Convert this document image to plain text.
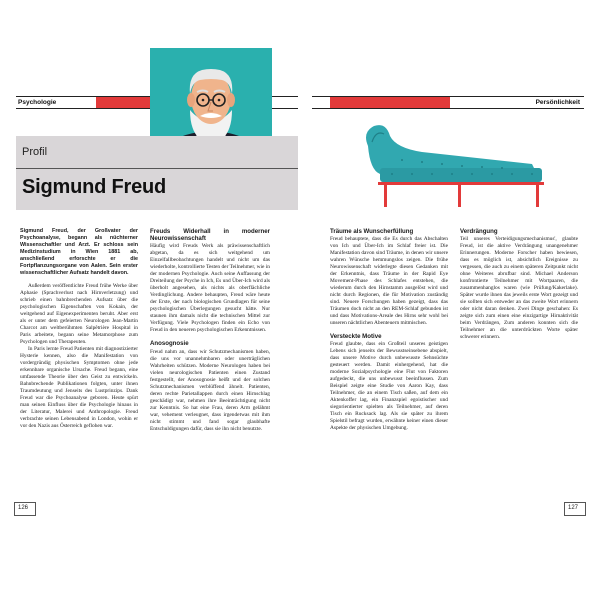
Psychologie	Persönlichkeit
Profil
Sigmund Freud

Sigmund Freud, der Großvater der Psychoanalyse, begann als nüchterner Wissenschaftler und Arzt. Er schloss sein Medizinstudium in Wien 1881 ab, anschließend erforschte er die Fortpflanzungsorgane von Aalen. Sein erster wissenschaftlicher Aufsatz handelt davon.

Außerdem veröffentlichte Freud frühe Werke über Aphasie (Sprachverlust nach Hirnverletzung) und schrieb einen bahnbrechenden Aufsatz über die psychologischen Eigenschaften von Kokain, der weitgehend auf Eigenexperimenten beruht. Aber erst als er unter dem gefeierten Neurologen Jean-Martin Charcot am weltberühmten Salpêtrière Hospital in Paris arbeitete, begann seine Metamorphose zum Psychologen und Therapeuten.

In Paris lernte Freud Patienten mit diagnostizierter Hysterie kennen, also die Manifestation von vordergründig physischen Symptomen ohne jede erkennbare organische Ursache. Freud begann, eine umfassende Theorie über den Geist zu entwickeln. Bahnbrechende Publikationen folgten, unter ihnen Traumdeutung und Jenseits des Lustprinzips. Dank Freud war die Psychoanalyse geboren. Heute spürt man seinen Einfluss über die Psychologie hinaus in der Literatur, Malerei und Anthropologie. Freud verbrachte seinen Lebensabend in London, wohin er vor den Nazis aus Österreich geflohen war.

Freuds Widerhall in moderner Neurowissenschaft

Häufig wird Freuds Werk als präwissenschaftlich abgetan, da es sich weitgehend um Einzelfallbeobachtungen handelt und nicht um das wiederholte, kontrollierte Testen der Teilnehmer, wie in der modernen Psychologie. Auch seine Auffassung der Dreiteilung der Psyche in Ich, Es und Über-Ich wird als überholt angesehen, als nichts als oberflächliche Verdinglichung. Andere behaupten, Freud wäre heute der Erste, der nach biologischen Grundlagen für seine psychologischen Überlegungen gesucht hätte. Nur staunen ihm damals nicht die technischen Mittel zur Verfügung. Viele Psychologen finden ein Echo von Freud in den neueren psychologischen Erkenntnissen.

Anosognosie

Freud nahm an, dass wir Schutzmechanismen haben, die uns vor unannehmbaren oder unerträglichen Wahrheiten schützen. Moderne Neurologen haben bei vielen neurologischen Patienten einen Zustand festgestellt, der Anosognosie heißt und der solchen Schutzmechanismen verblüffend ähnelt. Patienten, deren rechte Parietallappen durch einen Hirnschlag geschädigt war, nehmen ihre Beeinträchtigung nicht zur Kenntnis. So hat eine Frau, deren Arm gelähmt war, vehement verleugnet, dass irgendetwas mit ihm nicht stimmt und fand sogar glaubhafte Entschuldigungen dafür, dass sie ihn nicht benutzte.

Träume als Wunscherfüllung

Freud behauptete, dass die Es durch das Abschalten von Ich und Über-Ich im Schlaf freier ist. Die Manifestation davon sind Träume, in denen wir unsere wahren Wünsche hemmungslos zeigen. Die frühe Neurowissenschaft widerlegte diesen Gedanken mit der Erkenntnis, dass Träume in der Rapid Eye Movement-Phase des Schlafes entstehen, die wiederum durch den Hirnstamm ausgelöst wird und nicht durch Regionen, die für Motivation zuständig sind. Neuere Forschungen haben gezeigt, dass das Träumen doch nicht an den REM-Schlaf gebunden ist und dass Motivations-Areale des Hirns sehr wohl bei unseren nächtlichen Abenteuern mitmischen.

Versteckte Motive

Freud glaubte, dass ein Großteil unseres geistigen Lebens sich jenseits der Bewusstseinsebene abspielt, dass unsere Motive durch unbewusste Sehnsüchte gesteuert werden. Damit einhergehend, hat die moderne Sozialpsychologie eine Flut von Faktoren aufgedeckt, die uns unbewusst beeinflussen. Zum Beispiel zeigte eine Studie von Aaron Kay, dass Teilnehmer, die an einem Tisch saßen, auf dem ein Aktenkoffer lag, ein Finanzspiel egoistischer und siegorientierter spielten als Teilnehmer, auf deren Tisch ein Rucksack lag. Als sie später zu ihrem Spielstil befragt wurden, erwähnte keiner einen dieser Aspekte der physischen Umgebung.

Verdrängung

Teil unseres Verteidigungsmechanismus', glaubte Freud, ist die aktive Verdrängung unangenehmer Erinnerungen. Moderne Forscher haben bewiesen, dass es möglich ist, absichtlich Ereignisse zu vergessen, die auch zu einem späteren Zeitpunkt nicht ohne Weiteres abrufbar sind. Michael Anderson konfrontierte Teilnehmer mit Wortpaaren, die zusammenhanglos waren (wie Prüfung/Kakerlake). Später wurde ihnen das jeweils erste Wort gezeigt und sie sollten sich entweder an das zweite Wort erinnern oder nicht daran denken. Zwei Dinge geschahen: Es zeigte sich zum einen eine einzigartige Hirnaktivität beim Verdrängen, Zum anderen konnten sich die Teilnehmer an die unterdrückten Worte später schwerer erinnern.

126	127
